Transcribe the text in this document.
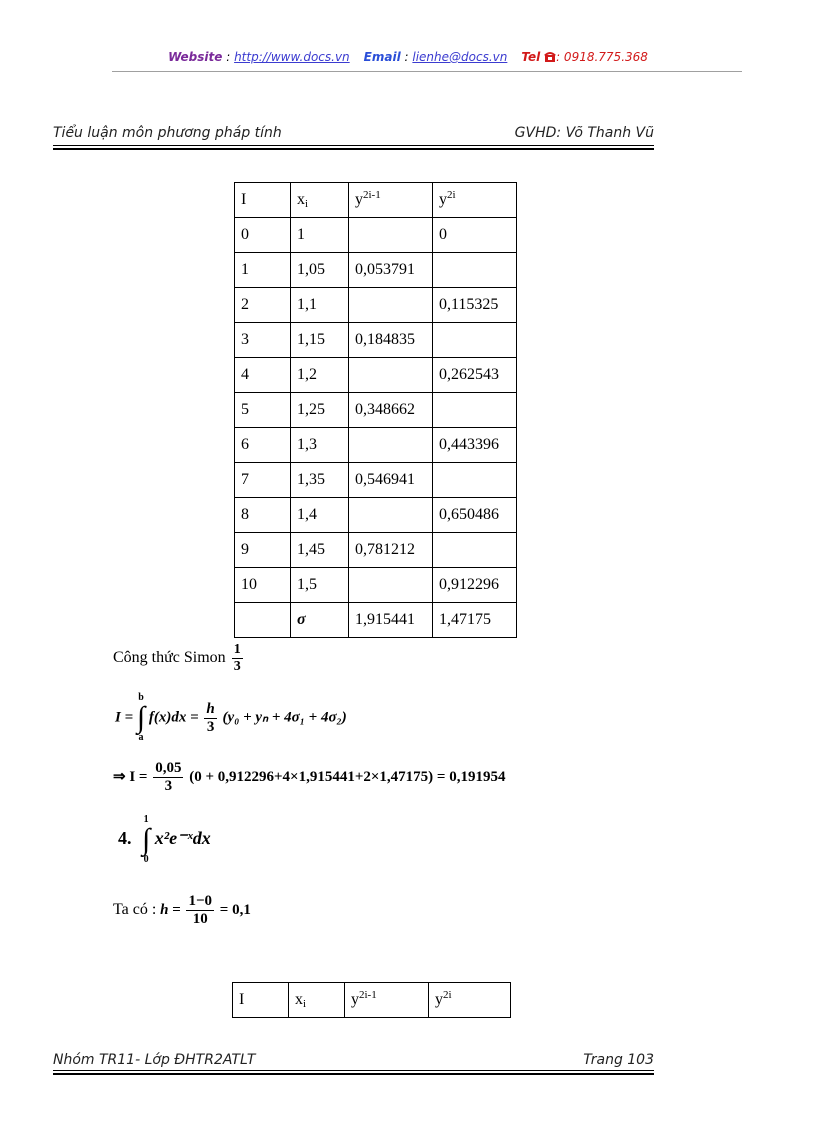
Website : http://www.docs.vn Email : lienhe@docs.vn Tel : 0918.775.368
Tiểu luận môn phương pháp tính	GVHD: Võ Thanh Vũ
I	$x_i$	$y^{2i-1}$	$y^{2i}$
0	1		0
1	1,05	0,053791	
2	1,1		0,115325
3	1,15	0,184835	
4	1,2		0,262543
5	1,25	0,348662	
6	1,3		0,443396
7	1,35	0,546941	
8	1,4		0,650486
9	1,45	0,781212	
10	1,5		0,912296
	σ	1,915441	1,47175
Công thức Simon $\frac{1}{3}$
I =
b
∫
a
$f(x)dx = \frac{h}{3} (y_0 + y_n + 4\sigma_1 + 4\sigma_2)$
⇒ $I = \frac{0,05}{3} (0 + 0,912296+4\times 1,915441+2\times 1,47175) = 0,191954$
4.
1
∫
0
x²e⁻ˣdx
Ta có : $h = \frac{1-0}{10} = 0,1$
I	$x_i$	$y^{2i-1}$	$y^{2i}$
Nhóm TR11- Lớp ĐHTR2ATLT	Trang 103
